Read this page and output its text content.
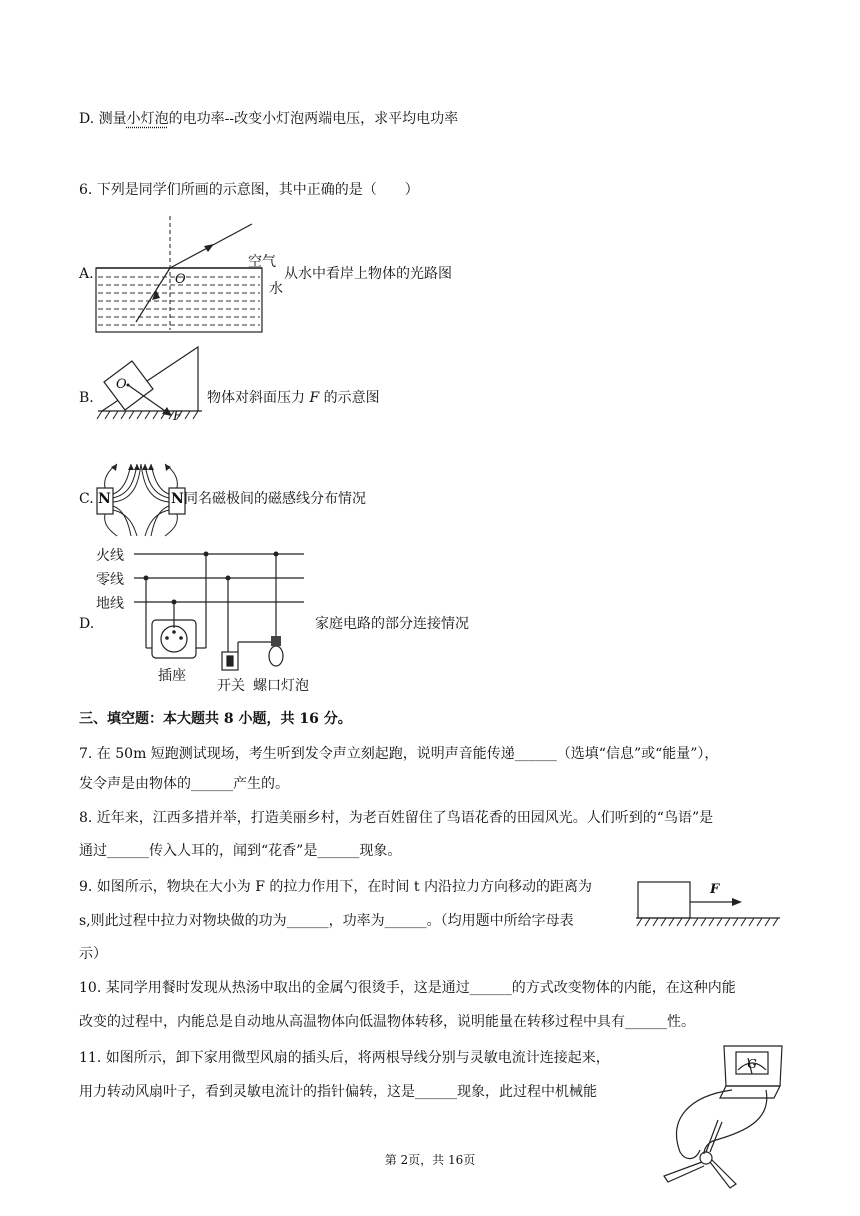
D. 测量小灯泡的电功率--改变小灯泡两端电压，求平均电功率
6. 下列是同学们所画的示意图，其中正确的是（　　）
A.	O
空气
从水中看岸上物体的光路图
水
B.
O
F
物体对斜面压力 F 的示意图
C. N	N 同名磁极间的磁感线分布情况
D.
火线
零线
地线
插座
开关 螺口灯泡
家庭电路的部分连接情况
三、填空题：本大题共 8 小题，共 16 分。
7. 在 50m 短跑测试现场，考生听到发令声立刻起跑，说明声音能传递______（选填“信息”或“能量”），
发令声是由物体的______产生的。
8. 近年来，江西多措并举，打造美丽乡村，为老百姓留住了鸟语花香的田园风光。人们听到的“鸟语”是
通过______传入人耳的，闻到“花香”是______现象。
9. 如图所示，物块在大小为 F 的拉力作用下，在时间 t 内沿拉力方向移动的距离为
s,则此过程中拉力对物块做的功为______，功率为______。（均用题中所给字母表
示）
F
10. 某同学用餐时发现从热汤中取出的金属勺很烫手，这是通过______的方式改变物体的内能，在这种内能
改变的过程中，内能总是自动地从高温物体向低温物体转移，说明能量在转移过程中具有______性。
11. 如图所示，卸下家用微型风扇的插头后，将两根导线分别与灵敏电流计连接起来，
用力转动风扇叶子，看到灵敏电流计的指针偏转，这是______现象，此过程中机械能
G
第 2页，共 16页
